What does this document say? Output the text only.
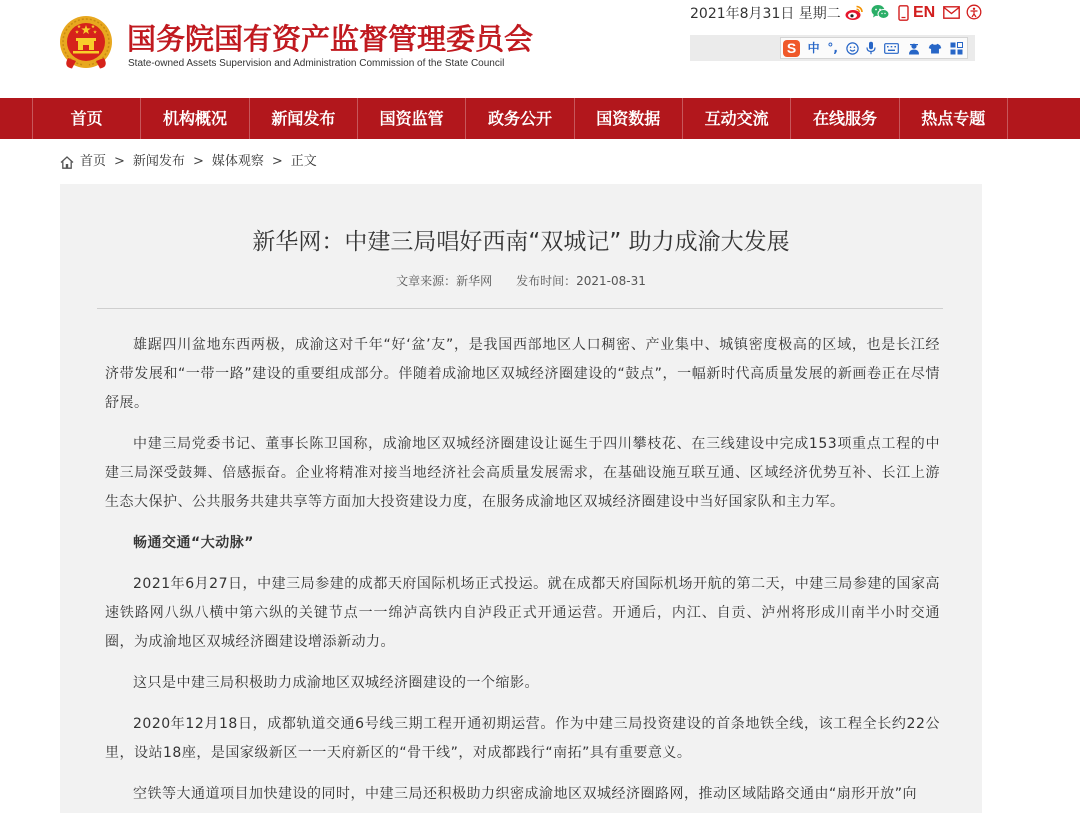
国务院国有资产监督管理委员会
State-owned Assets Supervision and Administration Commission of the State Council
2021年8月31日 星期二	EN
S 中 °,
首页	机构概况	新闻发布	国资监管	政务公开	国资数据	互动交流	在线服务	热点专题
首页 > 新闻发布 > 媒体观察 > 正文
新华网：中建三局唱好西南“双城记” 助力成渝大发展
文章来源：新华网 发布时间：2021-08-31

雄踞四川盆地东西两极，成渝这对千年“好‘盆’友”，是我国西部地区人口稠密、产业集中、城镇密度极高的区域，也是长江经济带发展和“一带一路”建设的重要组成部分。伴随着成渝地区双城经济圈建设的“鼓点”，一幅新时代高质量发展的新画卷正在尽情舒展。

中建三局党委书记、董事长陈卫国称，成渝地区双城经济圈建设让诞生于四川攀枝花、在三线建设中完成153项重点工程的中建三局深受鼓舞、倍感振奋。企业将精准对接当地经济社会高质量发展需求，在基础设施互联互通、区域经济优势互补、长江上游生态大保护、公共服务共建共享等方面加大投资建设力度，在服务成渝地区双城经济圈建设中当好国家队和主力军。

畅通交通“大动脉”

2021年6月27日，中建三局参建的成都天府国际机场正式投运。就在成都天府国际机场开航的第二天，中建三局参建的国家高速铁路网八纵八横中第六纵的关键节点一一绵泸高铁内自泸段正式开通运营。开通后，内江、自贡、泸州将形成川南半小时交通圈，为成渝地区双城经济圈建设增添新动力。

这只是中建三局积极助力成渝地区双城经济圈建设的一个缩影。

2020年12月18日，成都轨道交通6号线三期工程开通初期运营。作为中建三局投资建设的首条地铁全线，该工程全长约22公里，设站18座，是国家级新区一一天府新区的“骨干线”，对成都践行“南拓”具有重要意义。

空铁等大通道项目加快建设的同时，中建三局还积极助力织密成渝地区双城经济圈路网，推动区域陆路交通由“扇形开放”向
